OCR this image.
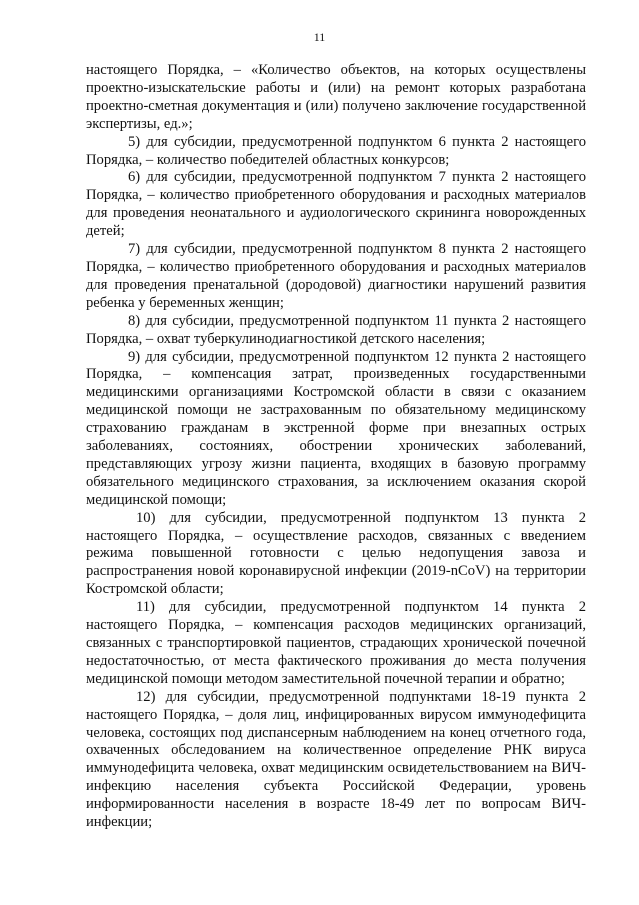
11

настоящего Порядка, – «Количество объектов, на которых осуществлены проектно-изыскательские работы и (или) на ремонт которых разработана проектно-сметная документация и (или) получено заключение государственной экспертизы, ед.»;

5) для субсидии, предусмотренной подпунктом 6 пункта 2 настоящего Порядка, – количество победителей областных конкурсов;

6) для субсидии, предусмотренной подпунктом 7 пункта 2 настоящего Порядка, – количество приобретенного оборудования и расходных материалов для проведения неонатального и аудиологического скрининга новорожденных детей;

7) для субсидии, предусмотренной подпунктом 8 пункта 2 настоящего Порядка, – количество приобретенного оборудования и расходных материалов для проведения пренатальной (дородовой) диагностики нарушений развития ребенка у беременных женщин;

8) для субсидии, предусмотренной подпунктом 11 пункта 2 настоящего Порядка, – охват туберкулинодиагностикой детского населения;

9) для субсидии, предусмотренной подпунктом 12 пункта 2 настоящего Порядка, – компенсация затрат, произведенных государственными медицинскими организациями Костромской области в связи с оказанием медицинской помощи не застрахованным по обязательному медицинскому страхованию гражданам в экстренной форме при внезапных острых заболеваниях, состояниях, обострении хронических заболеваний, представляющих угрозу жизни пациента, входящих в базовую программу обязательного медицинского страхования, за исключением оказания скорой медицинской помощи;

10) для субсидии, предусмотренной подпунктом 13 пункта 2 настоящего Порядка, – осуществление расходов, связанных с введением режима повышенной готовности с целью недопущения завоза и распространения новой коронавирусной инфекции (2019-nCoV) на территории Костромской области;

11) для субсидии, предусмотренной подпунктом 14 пункта 2 настоящего Порядка, – компенсация расходов медицинских организаций, связанных с транспортировкой пациентов, страдающих хронической почечной недостаточностью, от места фактического проживания до места получения медицинской помощи методом заместительной почечной терапии и обратно;

12) для субсидии, предусмотренной подпунктами 18-19 пункта 2 настоящего Порядка, – доля лиц, инфицированных вирусом иммунодефицита человека, состоящих под диспансерным наблюдением на конец отчетного года, охваченных обследованием на количественное определение РНК вируса иммунодефицита человека, охват медицинским освидетельствованием на ВИЧ-инфекцию населения субъекта Российской Федерации, уровень информированности населения в возрасте 18-49 лет по вопросам ВИЧ-инфекции;
